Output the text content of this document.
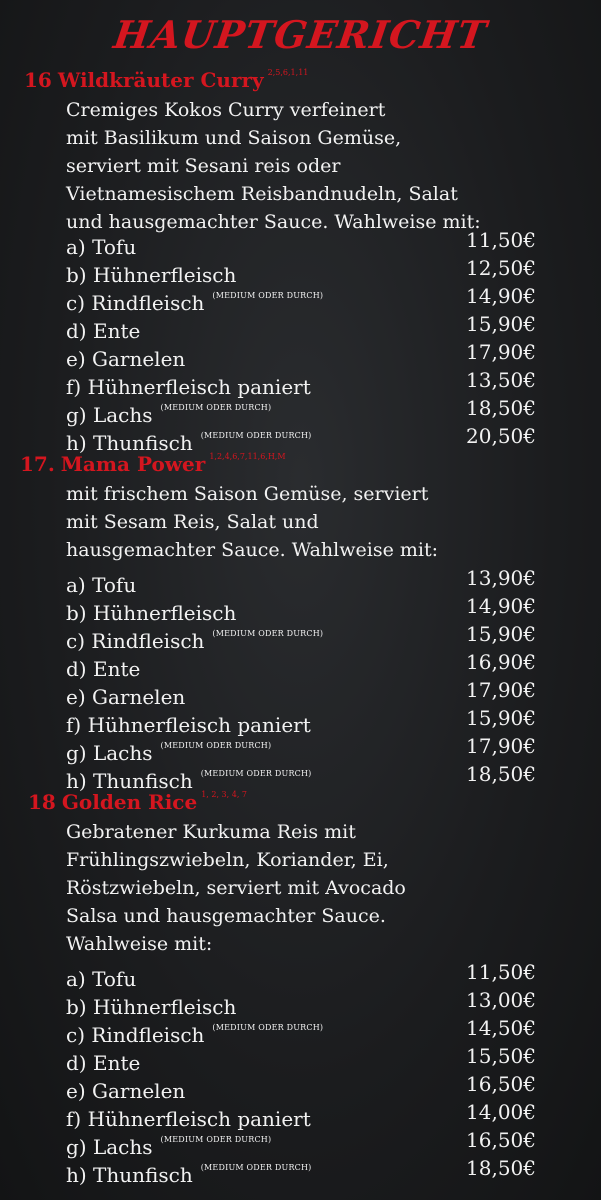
HAUPTGERICHT
16 Wildkräuter Curry $^{2,5,6,1,11}$
Cremiges Kokos Curry verfeinert
mit Basilikum und Saison Gemüse,
serviert mit Sesani reis oder
Vietnamesischem Reisbandnudeln, Salat
und hausgemachter Sauce. Wahlweise mit:
a) Tofu	11,50€
b) Hühnerfleisch	12,50€
c) Rindfleisch $^{(MEDIUM ODER DURCH)}$	14,90€
d) Ente	15,90€
e) Garnelen	17,90€
f) Hühnerfleisch paniert	13,50€
g) Lachs $^{(MEDIUM ODER DURCH)}$	18,50€
h) Thunfisch $^{(MEDIUM ODER DURCH)}$	20,50€
17. Mama Power $^{1,2,4,6,7,11,6,H,M}$
mit frischem Saison Gemüse, serviert
mit Sesam Reis, Salat und
hausgemachter Sauce. Wahlweise mit:
a) Tofu	13,90€
b) Hühnerfleisch	14,90€
c) Rindfleisch $^{(MEDIUM ODER DURCH)}$	15,90€
d) Ente	16,90€
e) Garnelen	17,90€
f) Hühnerfleisch paniert	15,90€
g) Lachs $^{(MEDIUM ODER DURCH)}$	17,90€
h) Thunfisch $^{(MEDIUM ODER DURCH)}$	18,50€
18 Golden Rice $^{1, 2, 3, 4, 7}$
Gebratener Kurkuma Reis mit
Frühlingszwiebeln, Koriander, Ei,
Röstzwiebeln, serviert mit Avocado
Salsa und hausgemachter Sauce.
Wahlweise mit:
a) Tofu	11,50€
b) Hühnerfleisch	13,00€
c) Rindfleisch $^{(MEDIUM ODER DURCH)}$	14,50€
d) Ente	15,50€
e) Garnelen	16,50€
f) Hühnerfleisch paniert	14,00€
g) Lachs $^{(MEDIUM ODER DURCH)}$	16,50€
h) Thunfisch $^{(MEDIUM ODER DURCH)}$	18,50€
